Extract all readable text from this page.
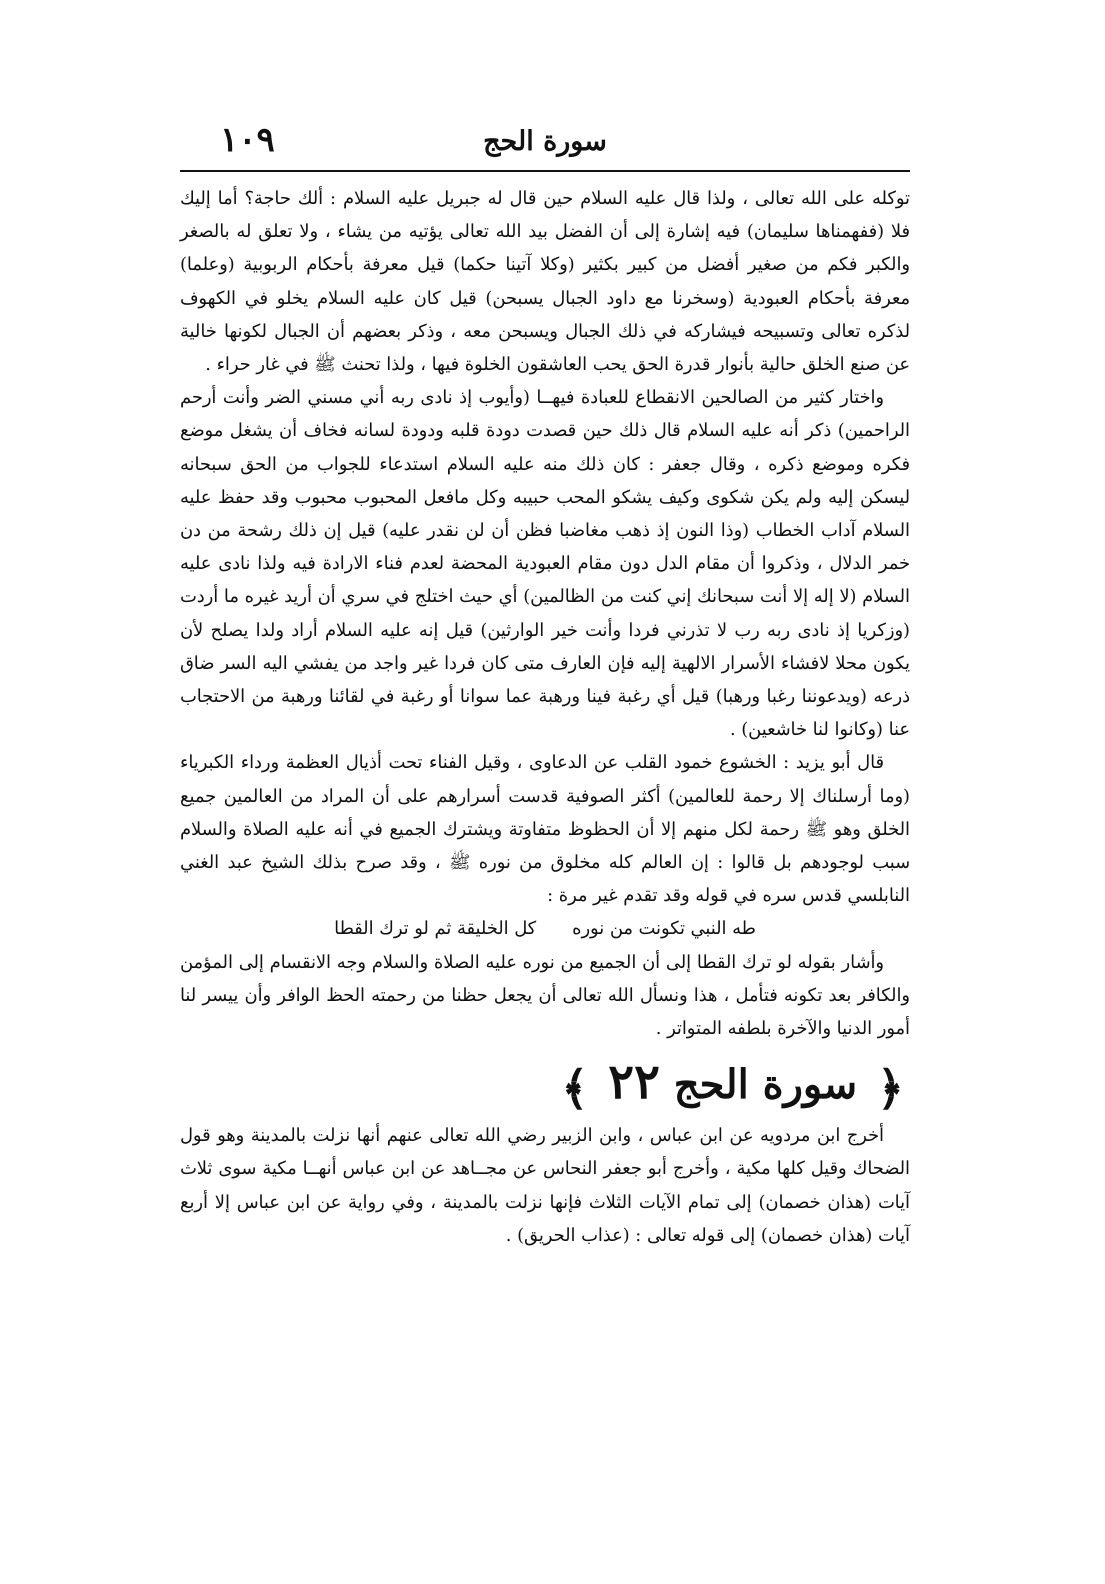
سورة الحج
١٠٩

توكله على الله تعالى ، ولذا قال عليه السلام حين قال له جبريل عليه السلام : ألك حاجة؟ أما إليك فلا (ففهمناها سليمان) فيه إشارة إلى أن الفضل بيد الله تعالى يؤتيه من يشاء ، ولا تعلق له بالصغر والكبر فكم من صغير أفضل من كبير بكثير (وكلا آتينا حكما) قيل معرفة بأحكام الربوبية (وعلما) معرفة بأحكام العبودية (وسخرنا مع داود الجبال يسبحن) قيل كان عليه السلام يخلو في الكهوف لذكره تعالى وتسبيحه فيشاركه في ذلك الجبال ويسبحن معه ، وذكر بعضهم أن الجبال لكونها خالية عن صنع الخلق حالية بأنوار قدرة الحق يحب العاشقون الخلوة فيها ، ولذا تحنث ﷺ في غار حراء .

واختار كثير من الصالحين الانقطاع للعبادة فيهــا (وأيوب إذ نادى ربه أني مسني الضر وأنت أرحم الراحمين) ذكر أنه عليه السلام قال ذلك حين قصدت دودة قلبه ودودة لسانه فخاف أن يشغل موضع فكره وموضع ذكره ، وقال جعفر : كان ذلك منه عليه السلام استدعاء للجواب من الحق سبحانه ليسكن إليه ولم يكن شكوى وكيف يشكو المحب حبيبه وكل مافعل المحبوب محبوب وقد حفظ عليه السلام آداب الخطاب (وذا النون إذ ذهب مغاضبا فظن أن لن نقدر عليه) قيل إن ذلك رشحة من دن خمر الدلال ، وذكروا أن مقام الدل دون مقام العبودية المحضة لعدم فناء الارادة فيه ولذا نادى عليه السلام (لا إله إلا أنت سبحانك إني كنت من الظالمين) أي حيث اختلج في سري أن أريد غيره ما أردت (وزكريا إذ نادى ربه رب لا تذرني فردا وأنت خير الوارثين) قيل إنه عليه السلام أراد ولدا يصلح لأن يكون محلا لافشاء الأسرار الالهية إليه فإن العارف متى كان فردا غير واجد من يفشي اليه السر ضاق ذرعه (ويدعوننا رغبا ورهبا) قيل أي رغبة فينا ورهبة عما سوانا أو رغبة في لقائنا ورهبة من الاحتجاب عنا (وكانوا لنا خاشعين) .

قال أبو يزيد : الخشوع خمود القلب عن الدعاوى ، وقيل الفناء تحت أذيال العظمة ورداء الكبرياء (وما أرسلناك إلا رحمة للعالمين) أكثر الصوفية قدست أسرارهم على أن المراد من العالمين جميع الخلق وهو ﷺ رحمة لكل منهم إلا أن الحظوظ متفاوتة ويشترك الجميع في أنه عليه الصلاة والسلام سبب لوجودهم بل قالوا : إن العالم كله مخلوق من نوره ﷺ ، وقد صرح بذلك الشيخ عبد الغني النابلسي قدس سره في قوله وقد تقدم غير مرة :

طه النبي تكونت من نورهكل الخليقة ثم لو ترك القطا

وأشار بقوله لو ترك القطا إلى أن الجميع من نوره عليه الصلاة والسلام وجه الانقسام إلى المؤمن والكافر بعد تكونه فتأمل ، هذا ونسأل الله تعالى أن يجعل حظنا من رحمته الحظ الوافر وأن ييسر لنا أمور الدنيا والآخرة بلطفه المتواتر .

﴿ سورة الحج ٢٢ ﴾

أخرج ابن مردويه عن ابن عباس ، وابن الزبير رضي الله تعالى عنهم أنها نزلت بالمدينة وهو قول الضحاك وقيل كلها مكية ، وأخرج أبو جعفر النحاس عن مجــاهد عن ابن عباس أنهــا مكية سوى ثلاث آيات (هذان خصمان) إلى تمام الآيات الثلاث فإنها نزلت بالمدينة ، وفي رواية عن ابن عباس إلا أربع آيات (هذان خصمان) إلى قوله تعالى : (عذاب الحريق) .
